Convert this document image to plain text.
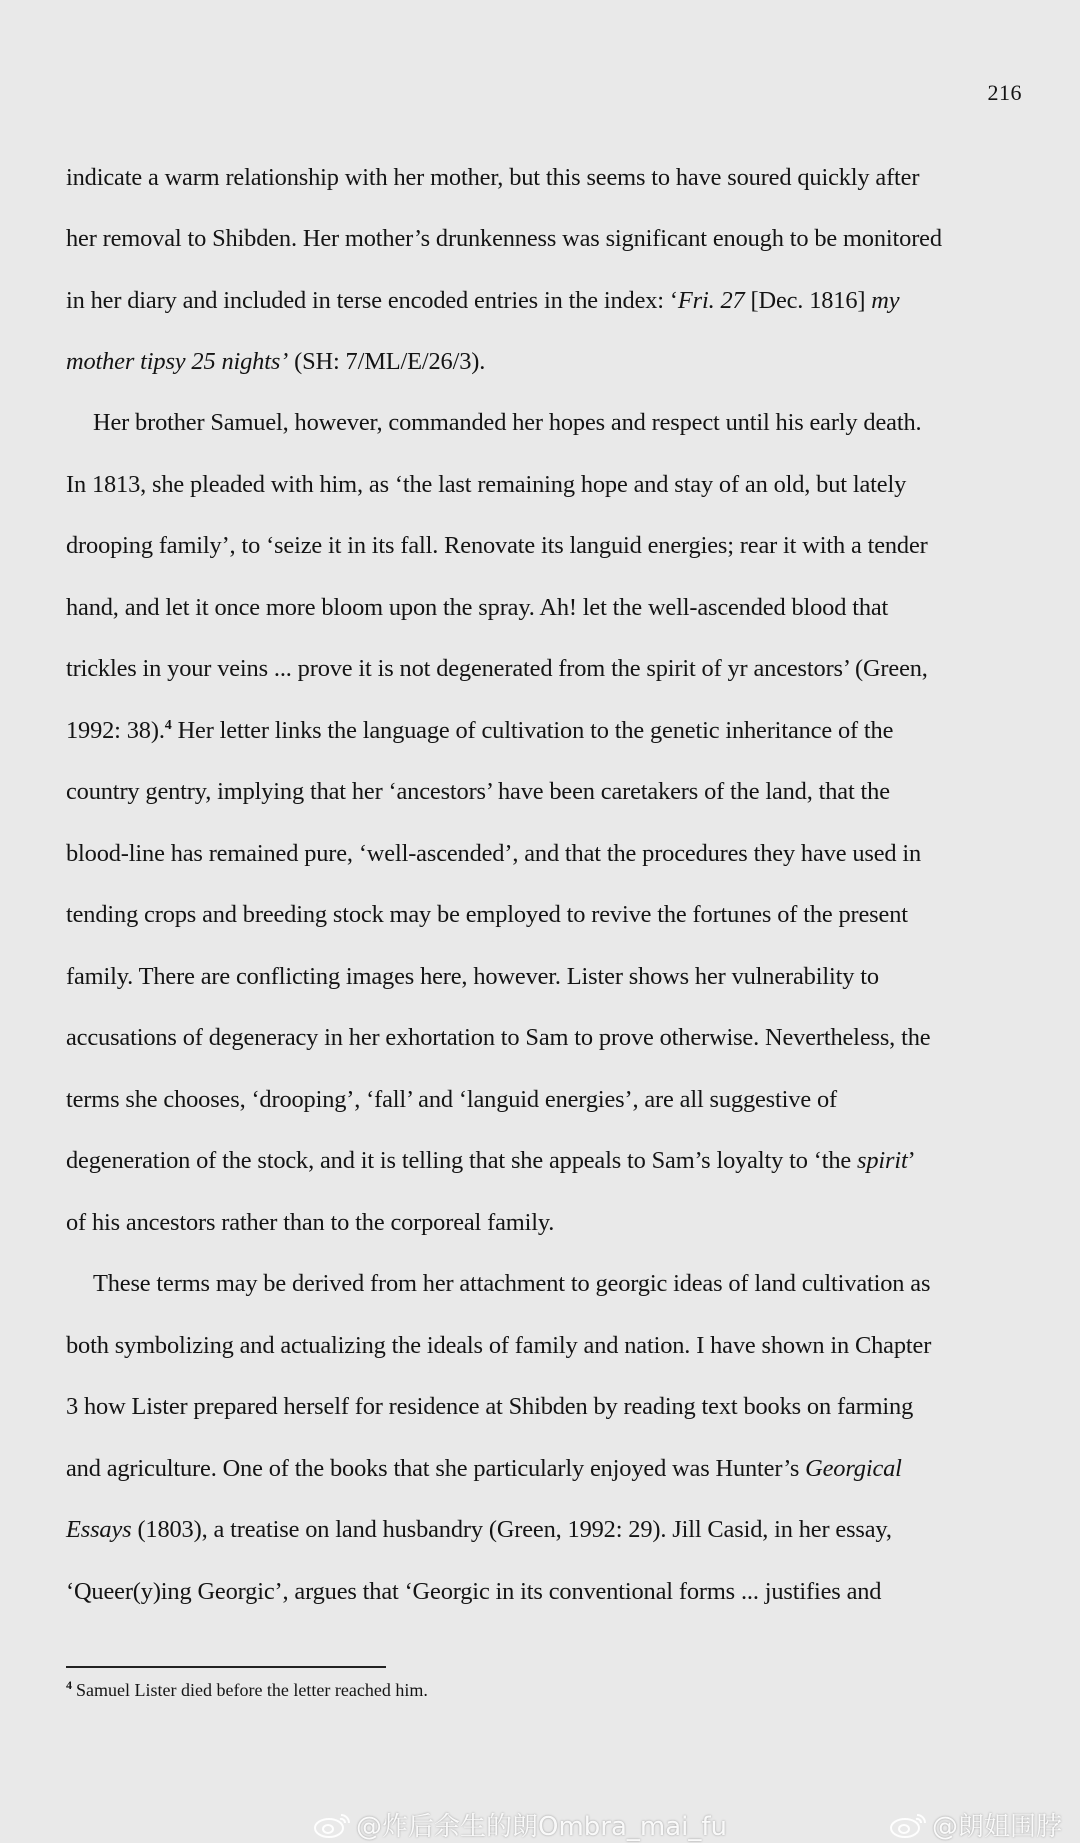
216
indicate a warm relationship with her mother, but this seems to have soured quickly after
her removal to Shibden. Her mother’s drunkenness was significant enough to be monitored
in her diary and included in terse encoded entries in the index: ‘Fri. 27 [Dec. 1816] my
mother tipsy 25 nights’ (SH: 7/ML/E/26/3).
Her brother Samuel, however, commanded her hopes and respect until his early death.
In 1813, she pleaded with him, as ‘the last remaining hope and stay of an old, but lately
drooping family’, to ‘seize it in its fall. Renovate its languid energies; rear it with a tender
hand, and let it once more bloom upon the spray. Ah! let the well-ascended blood that
trickles in your veins ... prove it is not degenerated from the spirit of yr ancestors’ (Green,
1992: 38).$^4$ Her letter links the language of cultivation to the genetic inheritance of the
country gentry, implying that her ‘ancestors’ have been caretakers of the land, that the
blood-line has remained pure, ‘well-ascended’, and that the procedures they have used in
tending crops and breeding stock may be employed to revive the fortunes of the present
family. There are conflicting images here, however. Lister shows her vulnerability to
accusations of degeneracy in her exhortation to Sam to prove otherwise. Nevertheless, the
terms she chooses, ‘drooping’, ‘fall’ and ‘languid energies’, are all suggestive of
degeneration of the stock, and it is telling that she appeals to Sam’s loyalty to ‘the spirit’
of his ancestors rather than to the corporeal family.
These terms may be derived from her attachment to georgic ideas of land cultivation as
both symbolizing and actualizing the ideals of family and nation. I have shown in Chapter
3 how Lister prepared herself for residence at Shibden by reading text books on farming
and agriculture. One of the books that she particularly enjoyed was Hunter’s Georgical
Essays (1803), a treatise on land husbandry (Green, 1992: 29). Jill Casid, in her essay,
‘Queer(y)ing Georgic’, argues that ‘Georgic in its conventional forms ... justifies and
$^4$ Samuel Lister died before the letter reached him.
@炸后余生的朗Ombra_mai_fu	@朗姐围脖
